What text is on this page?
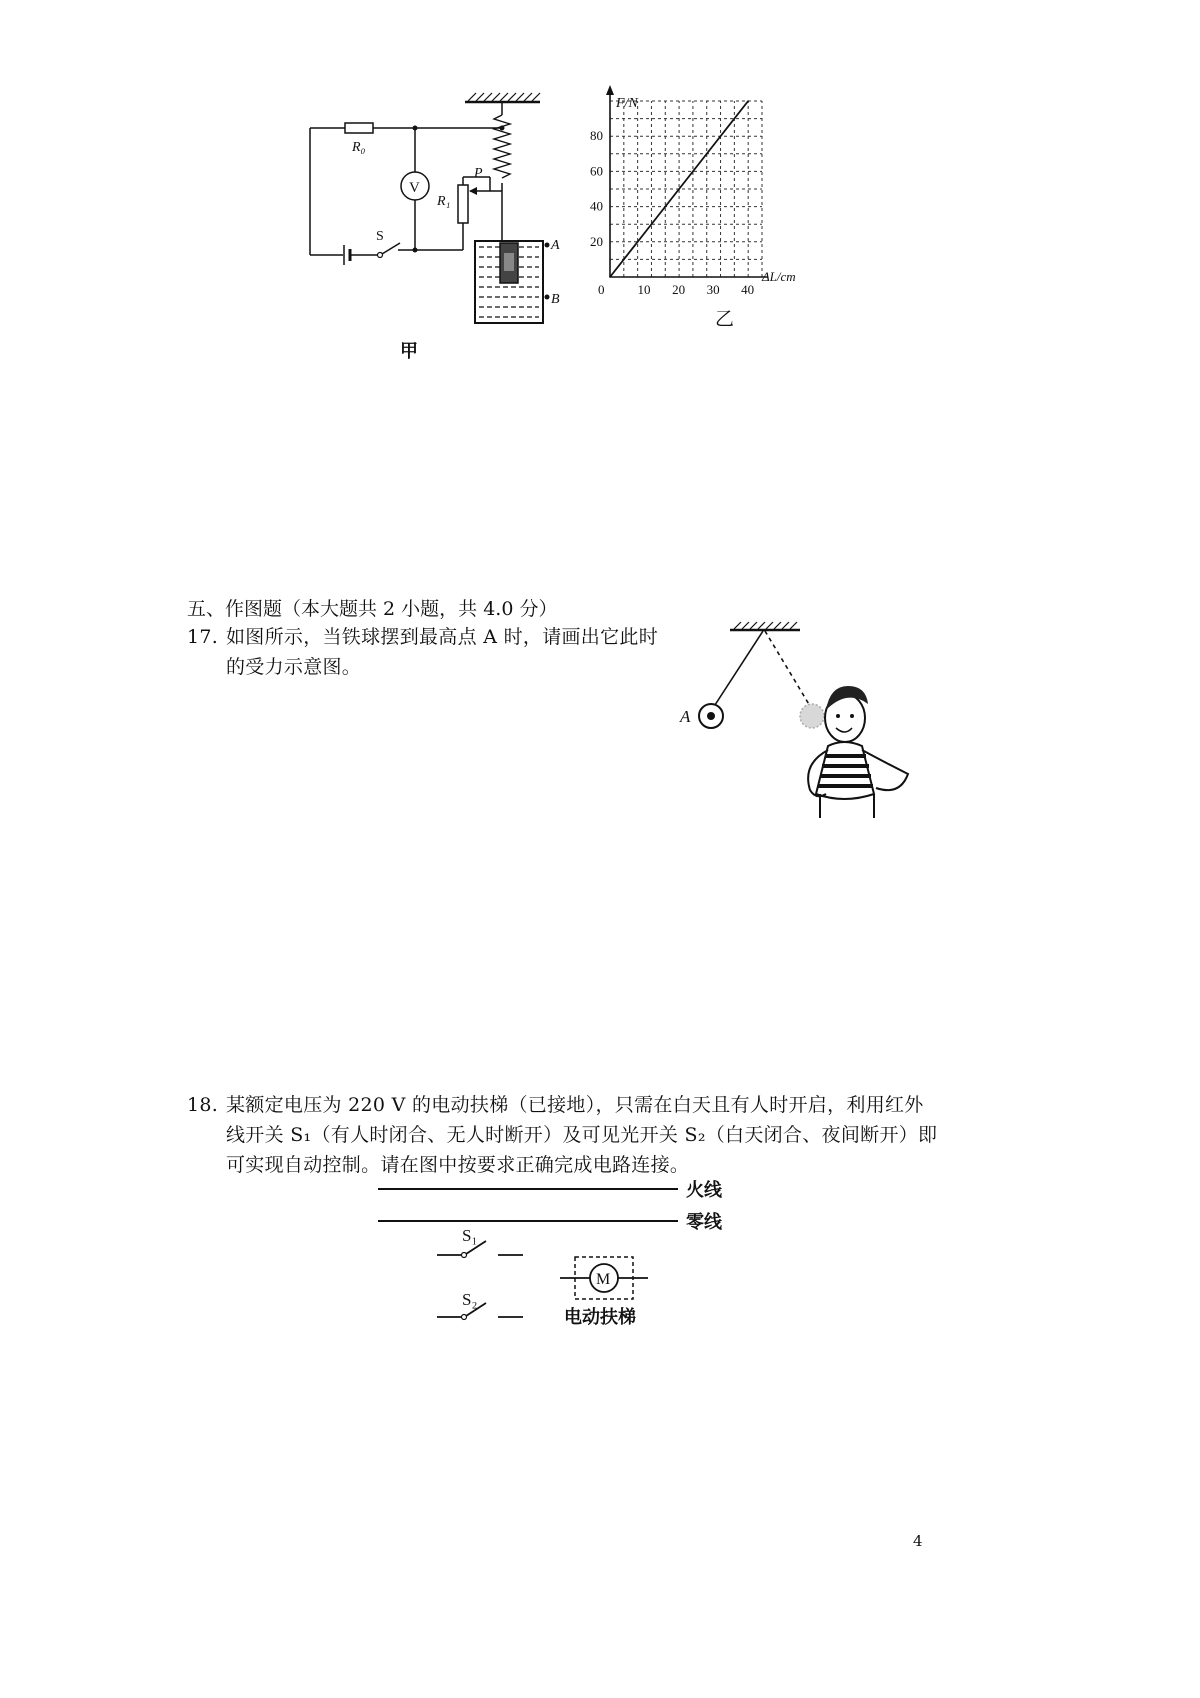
R₀
V
S
P
R₁
A
B
甲
0	10 20 30 40
20
40
60
80
F/N
ΔL/cm
乙
五、作图题（本大题共 2 小题，共 4.0 分）
17. 如图所示，当铁球摆到最高点 A 时，请画出它此时
的受力示意图。
A
18. 某额定电压为 220 V 的电动扶梯（已接地），只需在白天且有人时开启，利用红外
线开关 S₁（有人时闭合、无人时断开）及可见光开关 S₂（白天闭合、夜间断开）即
可实现自动控制。请在图中按要求正确完成电路连接。
火线
零线
S₁
S₂
M
电动扶梯
4
